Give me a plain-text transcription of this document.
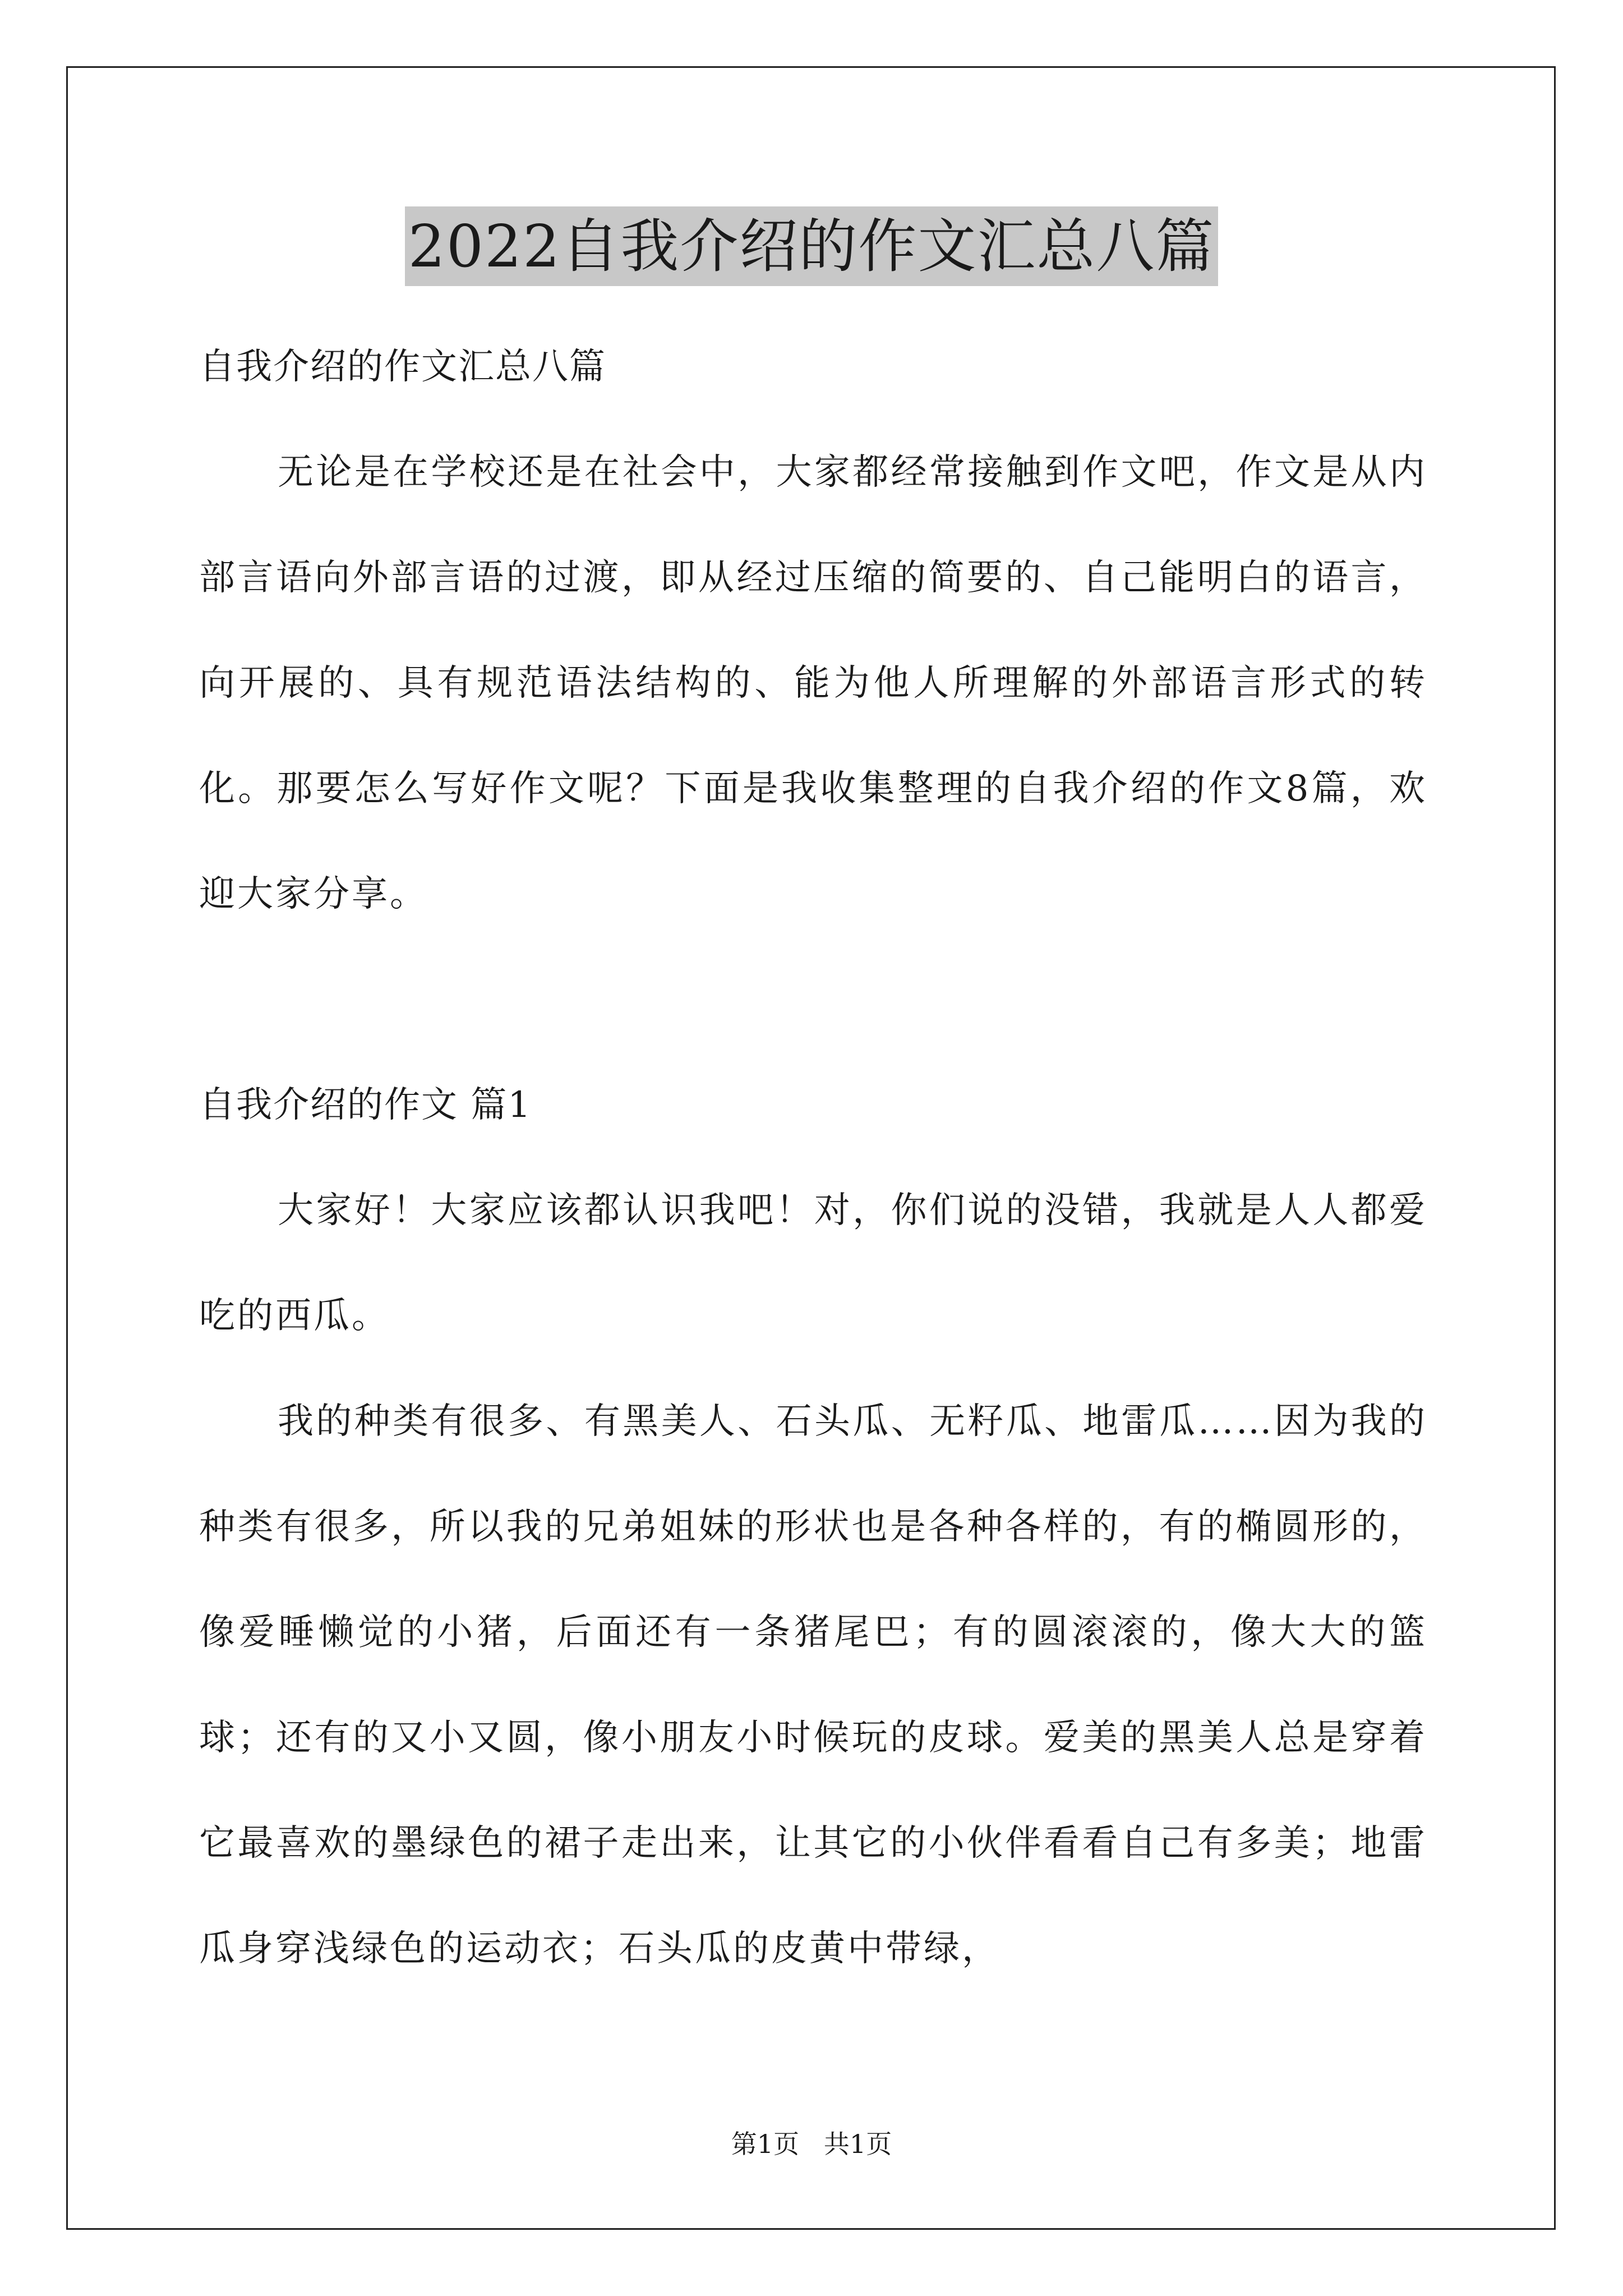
2022自我介绍的作文汇总八篇
自我介绍的作文汇总八篇

无论是在学校还是在社会中，大家都经常接触到作文吧，作文是从内部言语向外部言语的过渡，即从经过压缩的简要的、自己能明白的语言，向开展的、具有规范语法结构的、能为他人所理解的外部语言形式的转化。那要怎么写好作文呢？下面是我收集整理的自我介绍的作文8篇，欢迎大家分享。

自我介绍的作文 篇1

大家好！大家应该都认识我吧！对，你们说的没错，我就是人人都爱吃的西瓜。

我的种类有很多、有黑美人、石头瓜、无籽瓜、地雷瓜……因为我的种类有很多，所以我的兄弟姐妹的形状也是各种各样的，有的椭圆形的，像爱睡懒觉的小猪，后面还有一条猪尾巴；有的圆滚滚的，像大大的篮球；还有的又小又圆，像小朋友小时候玩的皮球。爱美的黑美人总是穿着它最喜欢的墨绿色的裙子走出来，让其它的小伙伴看看自己有多美；地雷瓜身穿浅绿色的运动衣；石头瓜的皮黄中带绿，

第1页   共1页
